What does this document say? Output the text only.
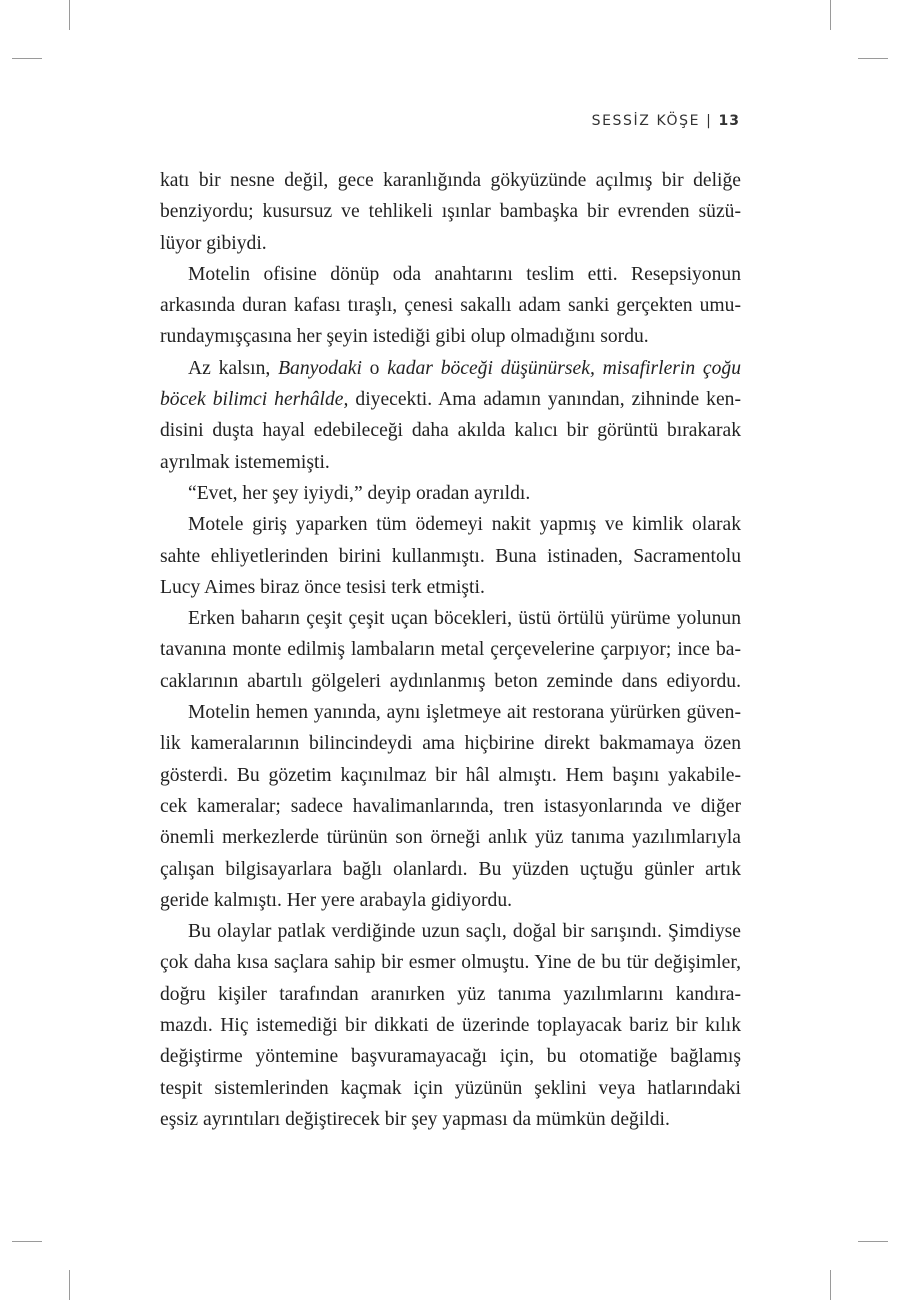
SESSİZ KÖŞE | 13
katı bir nesne değil, gece karanlığında gökyüzünde açılmış bir deliğe
benziyordu; kusursuz ve tehlikeli ışınlar bambaşka bir evrenden süzü-
lüyor gibiydi.
Motelin ofisine dönüp oda anahtarını teslim etti. Resepsiyonun
arkasında duran kafası tıraşlı, çenesi sakallı adam sanki gerçekten umu-
rundaymışçasına her şeyin istediği gibi olup olmadığını sordu.
Az kalsın, Banyodaki o kadar böceği düşünürsek, misafirlerin çoğu
böcek bilimci herhâlde, diyecekti. Ama adamın yanından, zihninde ken-
disini duşta hayal edebileceği daha akılda kalıcı bir görüntü bırakarak
ayrılmak istememişti.
“Evet, her şey iyiydi,” deyip oradan ayrıldı.
Motele giriş yaparken tüm ödemeyi nakit yapmış ve kimlik olarak
sahte ehliyetlerinden birini kullanmıştı. Buna istinaden, Sacramentolu
Lucy Aimes biraz önce tesisi terk etmişti.
Erken baharın çeşit çeşit uçan böcekleri, üstü örtülü yürüme yolunun
tavanına monte edilmiş lambaların metal çerçevelerine çarpıyor; ince ba-
caklarının abartılı gölgeleri aydınlanmış beton zeminde dans ediyordu.
Motelin hemen yanında, aynı işletmeye ait restorana yürürken güven-
lik kameralarının bilincindeydi ama hiçbirine direkt bakmamaya özen
gösterdi. Bu gözetim kaçınılmaz bir hâl almıştı. Hem başını yakabile-
cek kameralar; sadece havalimanlarında, tren istasyonlarında ve diğer
önemli merkezlerde türünün son örneği anlık yüz tanıma yazılımlarıyla
çalışan bilgisayarlara bağlı olanlardı. Bu yüzden uçtuğu günler artık
geride kalmıştı. Her yere arabayla gidiyordu.
Bu olaylar patlak verdiğinde uzun saçlı, doğal bir sarışındı. Şimdiyse
çok daha kısa saçlara sahip bir esmer olmuştu. Yine de bu tür değişimler,
doğru kişiler tarafından aranırken yüz tanıma yazılımlarını kandıra-
mazdı. Hiç istemediği bir dikkati de üzerinde toplayacak bariz bir kılık
değiştirme yöntemine başvuramayacağı için, bu otomatiğe bağlamış
tespit sistemlerinden kaçmak için yüzünün şeklini veya hatlarındaki
eşsiz ayrıntıları değiştirecek bir şey yapması da mümkün değildi.
